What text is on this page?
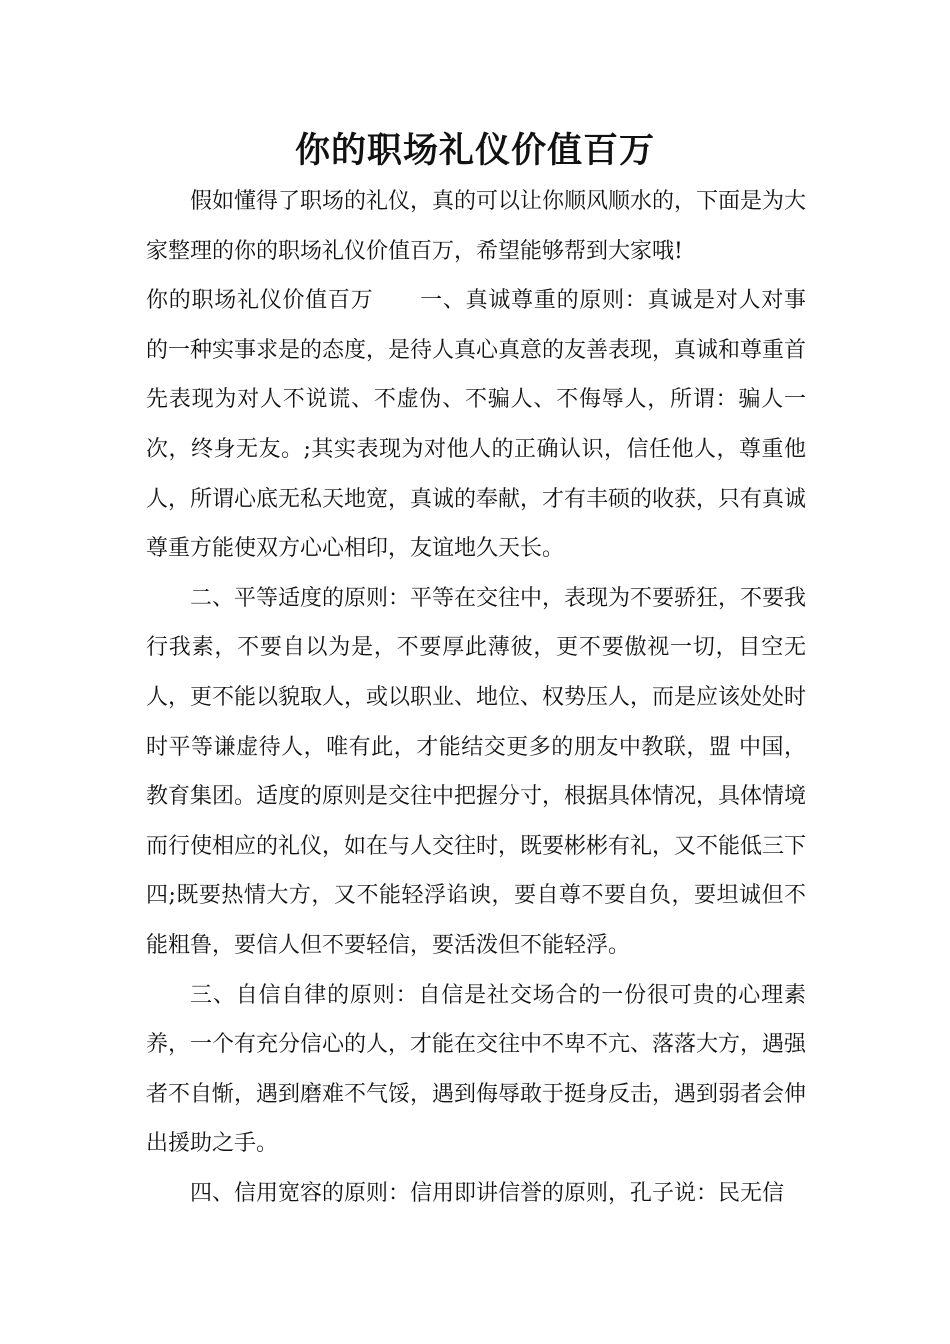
你的职场礼仪价值百万

假如懂得了职场的礼仪，真的可以让你顺风顺水的，下面是为大家整理的你的职场礼仪价值百万，希望能够帮到大家哦!

你的职场礼仪价值百万 一、真诚尊重的原则：真诚是对人对事的一种实事求是的态度，是待人真心真意的友善表现，真诚和尊重首先表现为对人不说谎、不虚伪、不骗人、不侮辱人，所谓：骗人一次，终身无友。;其实表现为对他人的正确认识，信任他人，尊重他人，所谓心底无私天地宽，真诚的奉献，才有丰硕的收获，只有真诚尊重方能使双方心心相印，友谊地久天长。

二、平等适度的原则：平等在交往中，表现为不要骄狂，不要我行我素，不要自以为是，不要厚此薄彼，更不要傲视一切，目空无人，更不能以貌取人，或以职业、地位、权势压人，而是应该处处时时平等谦虚待人，唯有此，才能结交更多的朋友中教联，盟 中国，教育集团。适度的原则是交往中把握分寸，根据具体情况，具体情境而行使相应的礼仪，如在与人交往时，既要彬彬有礼，又不能低三下四;既要热情大方，又不能轻浮谄谀，要自尊不要自负，要坦诚但不能粗鲁，要信人但不要轻信，要活泼但不能轻浮。

三、自信自律的原则：自信是社交场合的一份很可贵的心理素养，一个有充分信心的人，才能在交往中不卑不亢、落落大方，遇强者不自惭，遇到磨难不气馁，遇到侮辱敢于挺身反击，遇到弱者会伸出援助之手。

四、信用宽容的原则：信用即讲信誉的原则，孔子说：民无信
